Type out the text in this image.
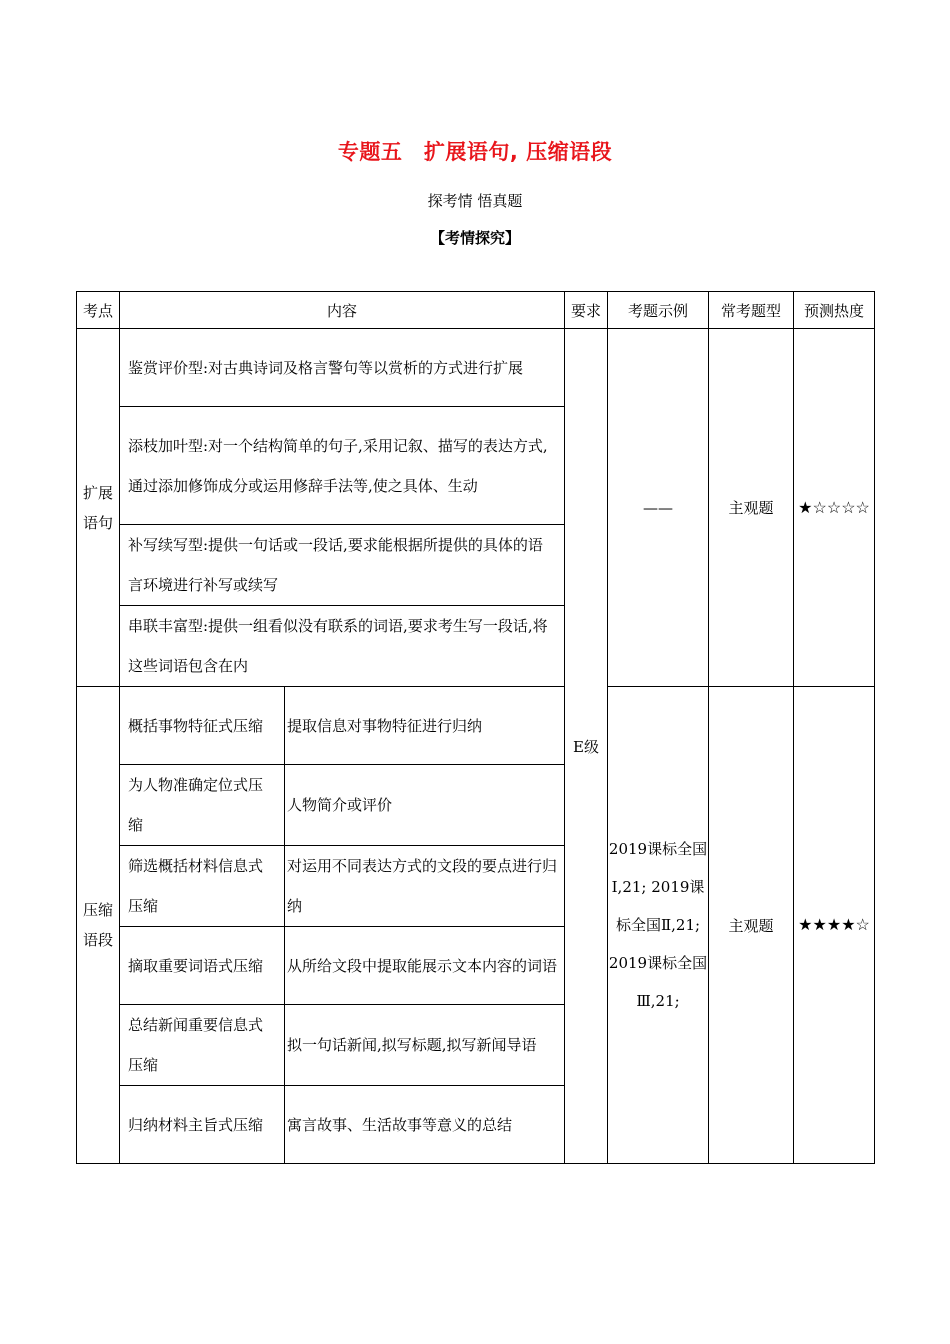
专题五　扩展语句, 压缩语段
探考情 悟真题
【考情探究】
考点	内容		要求	考题示例	常考题型	预测热度
扩展语句	鉴赏评价型:对古典诗词及格言警句等以赏析的方式进行扩展		E级	——	主观题	★☆☆☆☆
	添枝加叶型:对一个结构简单的句子,采用记叙、描写的表达方式,通过添加修饰成分或运用修辞手法等,使之具体、生动					
	补写续写型:提供一句话或一段话,要求能根据所提供的具体的语言环境进行补写或续写					
	串联丰富型:提供一组看似没有联系的词语,要求考生写一段话,将这些词语包含在内					
压缩语段	概括事物特征式压缩	提取信息对事物特征进行归纳		2019课标全国Ⅰ,21; 2019课标全国Ⅱ,21; 2019课标全国Ⅲ,21;	主观题	★★★★☆
	为人物准确定位式压缩	人物简介或评价				
	筛选概括材料信息式压缩	对运用不同表达方式的文段的要点进行归纳				
	摘取重要词语式压缩	从所给文段中提取能展示文本内容的词语				
	总结新闻重要信息式压缩	拟一句话新闻,拟写标题,拟写新闻导语				
	归纳材料主旨式压缩	寓言故事、生活故事等意义的总结				
